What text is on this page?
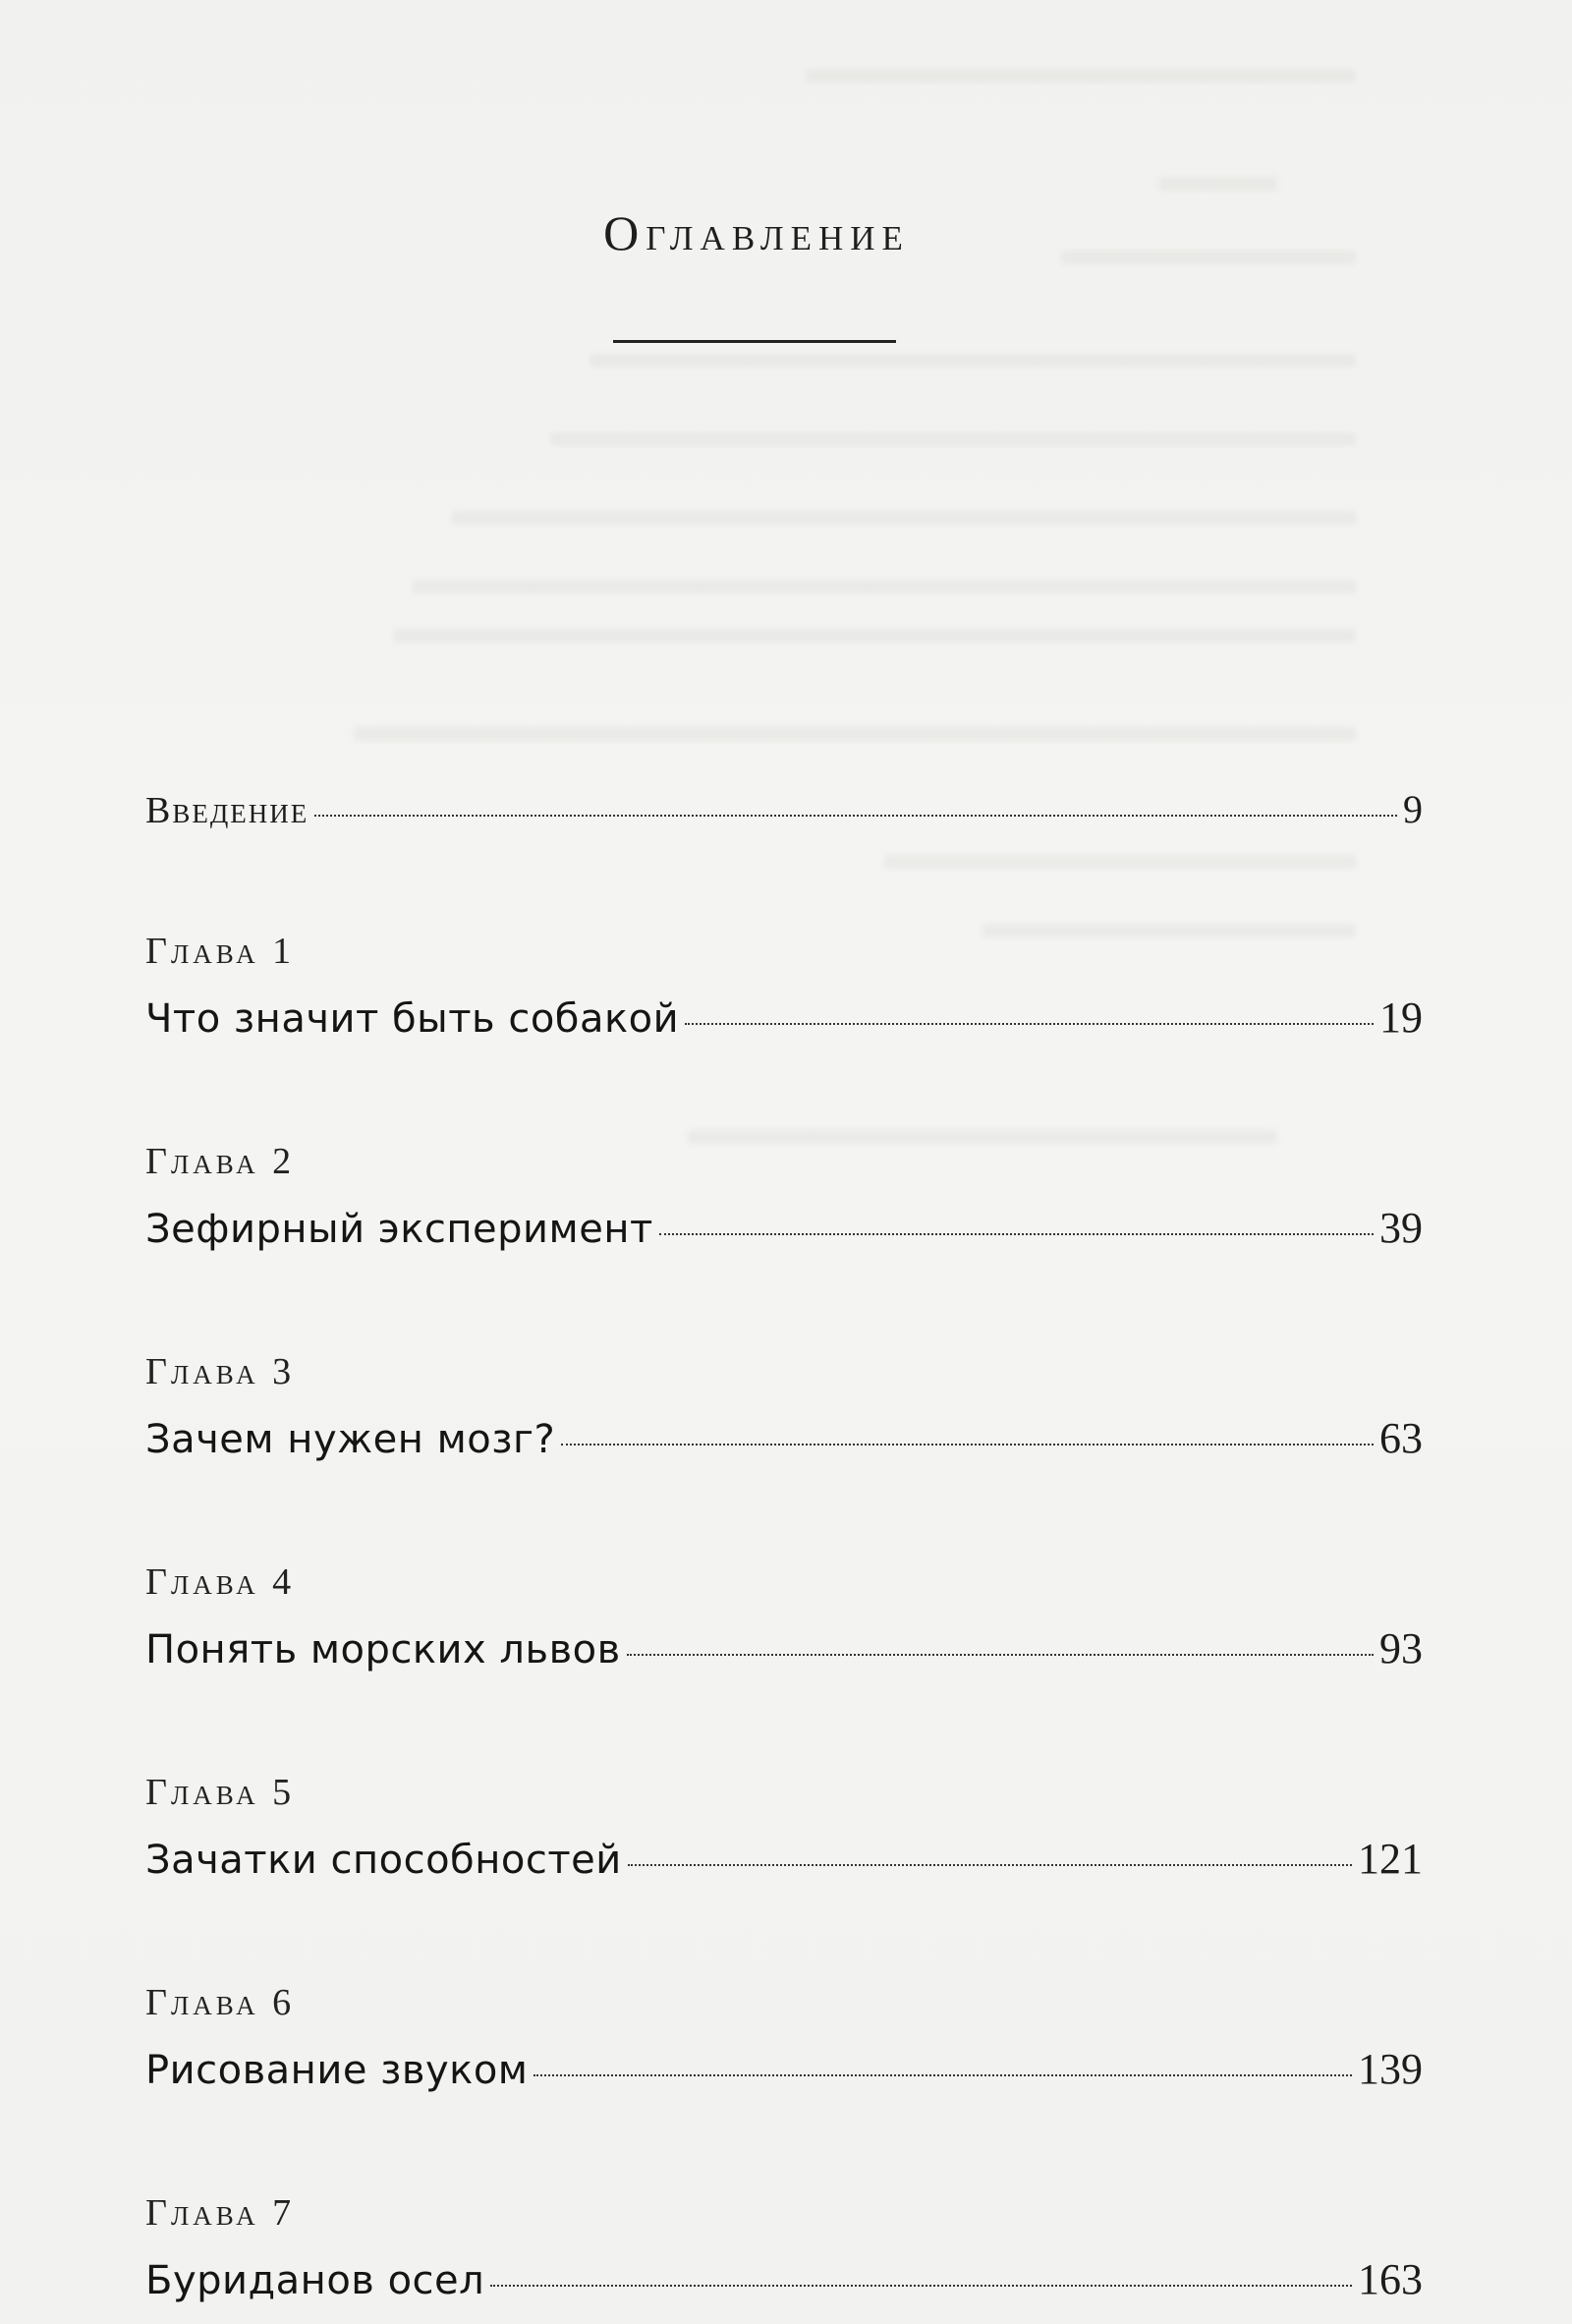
Оглавление
Введение	9
Глава 1
Что значит быть собакой	19
Глава 2
Зефирный эксперимент	39
Глава 3
Зачем нужен мозг?	63
Глава 4
Понять морских львов	93
Глава 5
Зачатки способностей	121
Глава 6
Рисование звуком	139
Глава 7
Буриданов осел	163
